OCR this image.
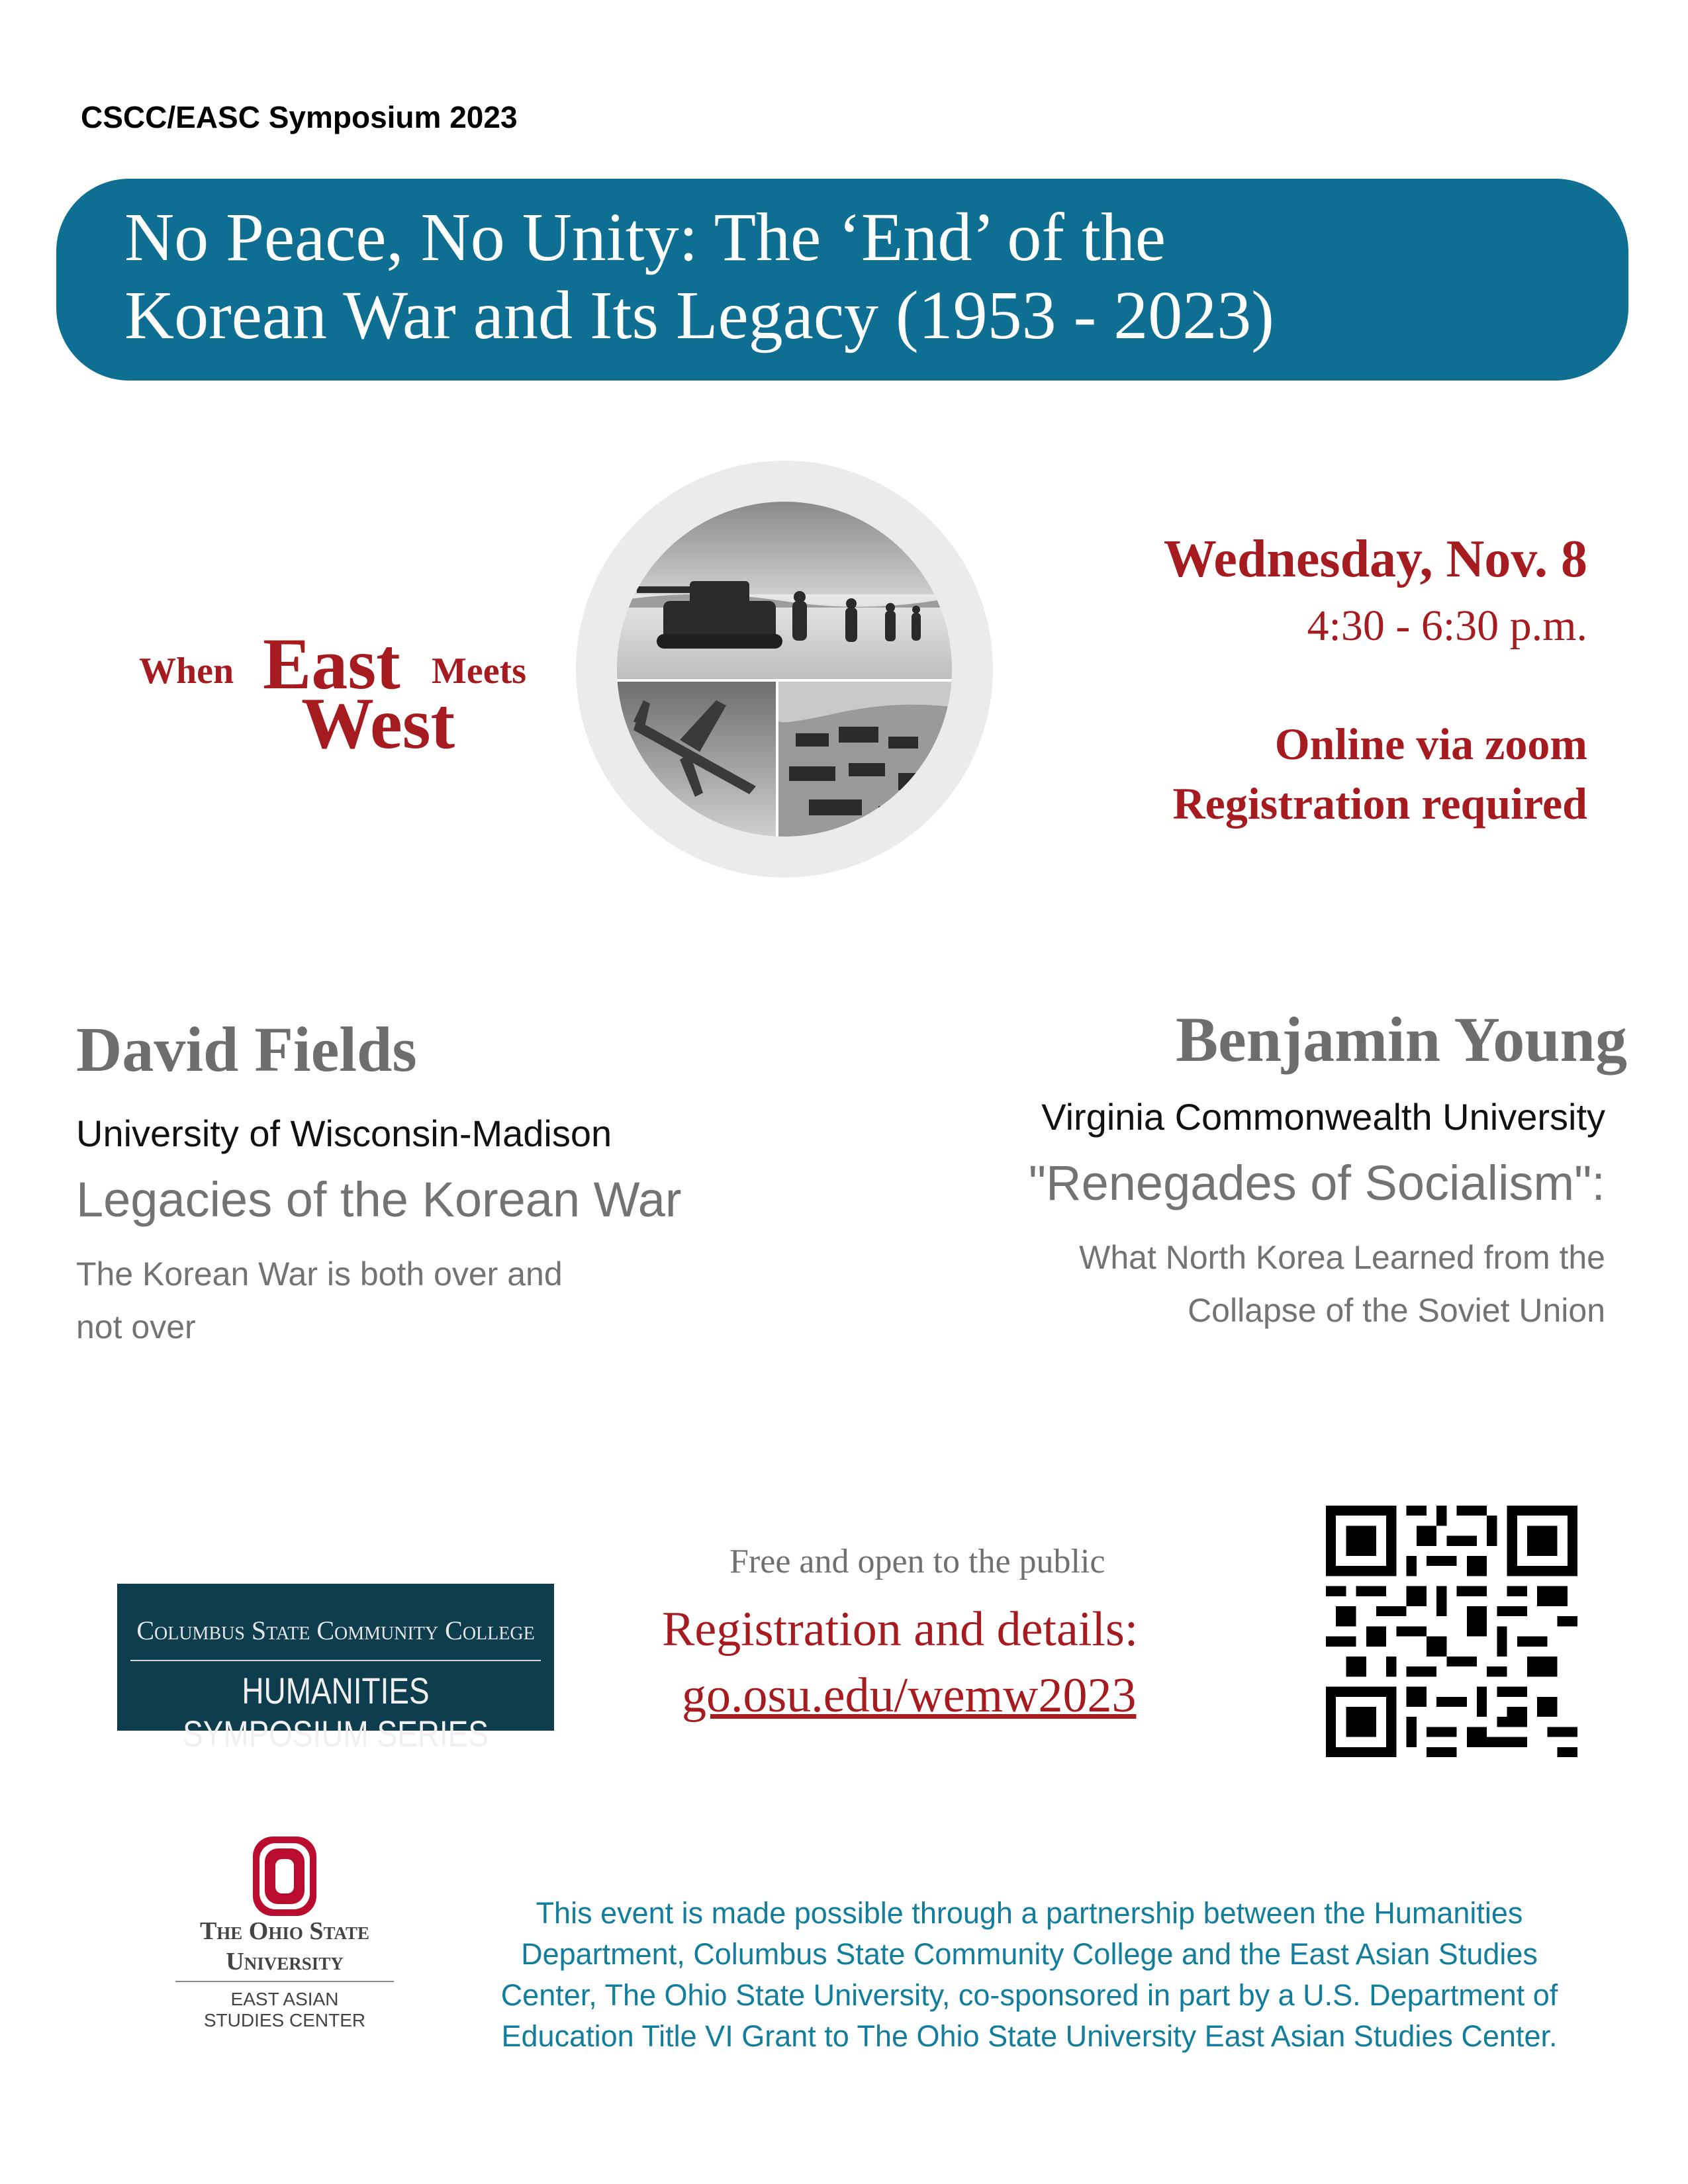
CSCC/EASC Symposium 2023
No Peace, No Unity: The ‘End’ of the
Korean War and Its Legacy (1953 - 2023)
When East Meets
West
Wednesday, Nov. 8
4:30 - 6:30 p.m.
Online via zoom
Registration required
David Fields
University of Wisconsin-Madison
Legacies of the Korean War
The Korean War is both over and
not over
Benjamin Young
Virginia Commonwealth University
"Renegades of Socialism":
What North Korea Learned from the
Collapse of the Soviet Union
Columbus State Community College
HUMANITIES SYMPOSIUM SERIES
Free and open to the public
Registration and details:
go.osu.edu/wemw2023
The Ohio State
University
EAST ASIAN
STUDIES CENTER
This event is made possible through a partnership between the Humanities
Department, Columbus State Community College and the East Asian Studies
Center, The Ohio State University, co-sponsored in part by a U.S. Department of
Education Title VI Grant to The Ohio State University East Asian Studies Center.
